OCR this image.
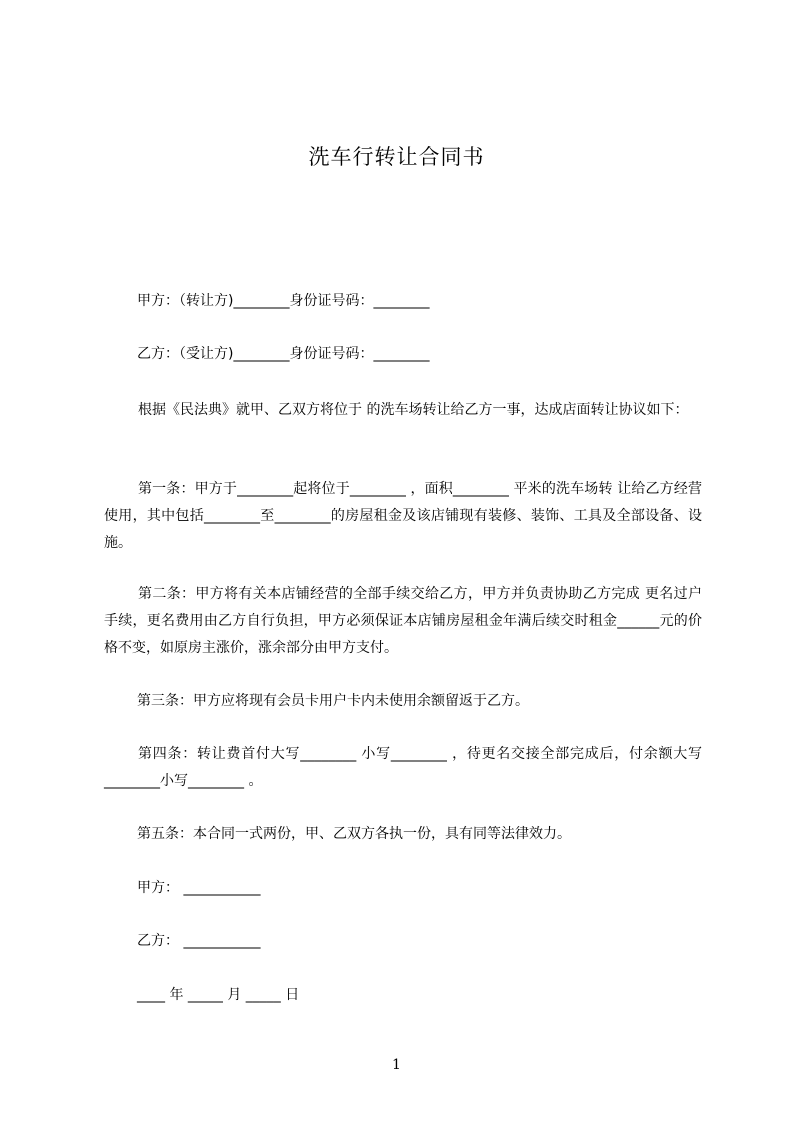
洗车行转让合同书
甲方：（转让方)________身份证号码：________
乙方：（受让方)________身份证号码：________
根据《民法典》就甲、乙双方将位于 的洗车场转让给乙方一事，达成店面转让协议如下：
第一条：甲方于________起将位于________ ，面积________ 平米的洗车场转 让给乙方经营使用，其中包括________至________的房屋租金及该店铺现有装修、装饰、工具及全部设备、设施。
第二条：甲方将有关本店铺经营的全部手续交给乙方，甲方并负责协助乙方完成 更名过户手续，更名费用由乙方自行负担，甲方必须保证本店铺房屋租金年满后续交时租金______元的价格不变，如原房主涨价，涨余部分由甲方支付。
第三条：甲方应将现有会员卡用户卡内未使用余额留返于乙方。
第四条：转让费首付大写________ 小写________ ，待更名交接全部完成后，付余额大写 ________小写________ 。
第五条：本合同一式两份，甲、乙双方各执一份，具有同等法律效力。
甲方： ___________
乙方： ___________
____ 年 _____ 月 _____ 日
1
